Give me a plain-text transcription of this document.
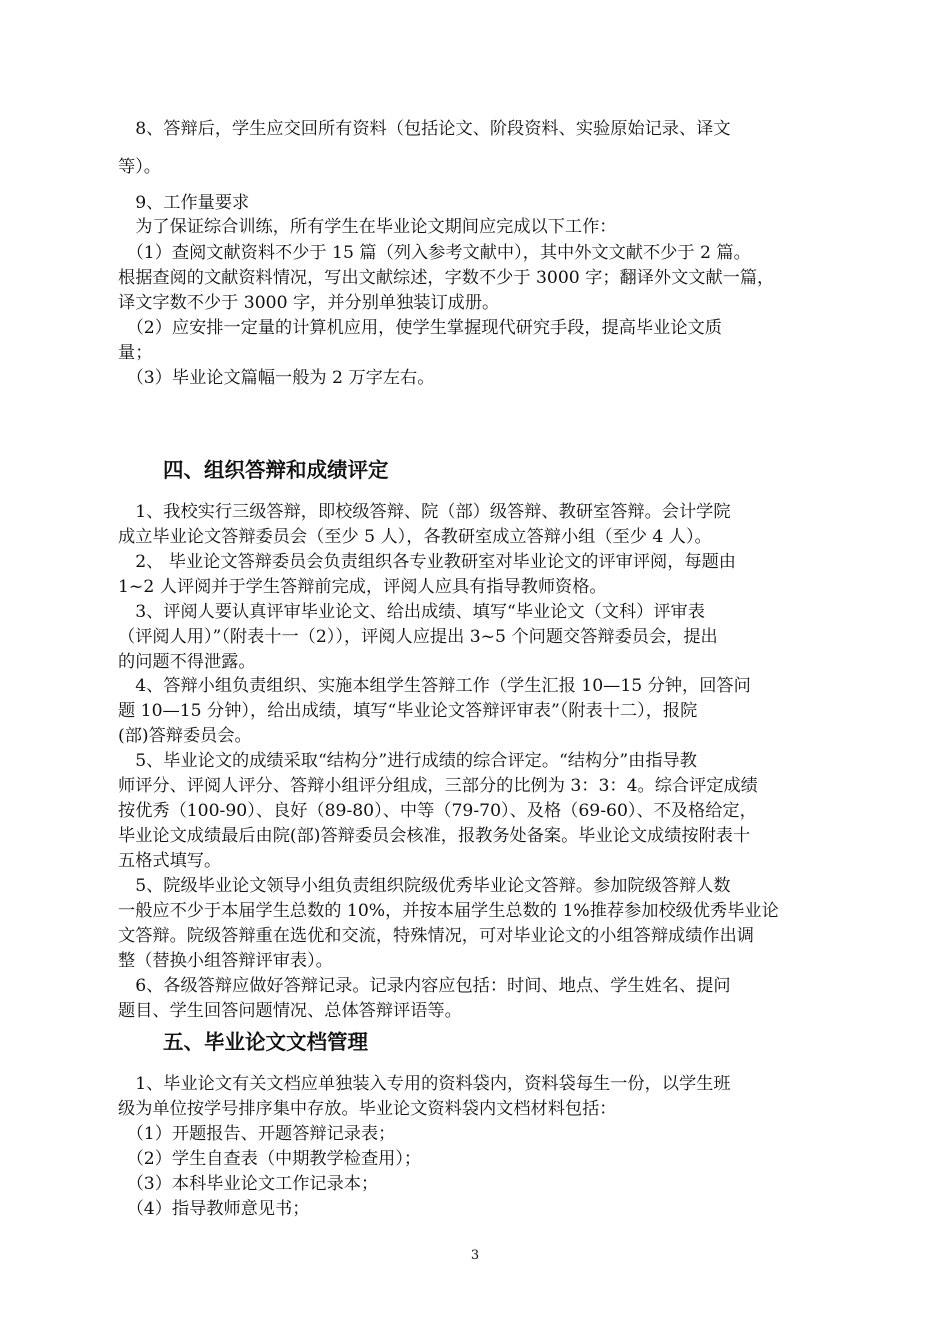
　8、答辩后，学生应交回所有资料（包括论文、阶段资料、实验原始记录、译文
等）。
　9、工作量要求
　为了保证综合训练，所有学生在毕业论文期间应完成以下工作：
　（1）查阅文献资料不少于 15 篇（列入参考文献中），其中外文文献不少于 2 篇。
根据查阅的文献资料情况，写出文献综述，字数不少于 3000 字；翻译外文文献一篇，
译文字数不少于 3000 字，并分别单独装订成册。
　（2）应安排一定量的计算机应用，使学生掌握现代研究手段，提高毕业论文质
量；
　（3）毕业论文篇幅一般为 2 万字左右。
四、组织答辩和成绩评定
　1、我校实行三级答辩，即校级答辩、院（部）级答辩、教研室答辩。会计学院
成立毕业论文答辩委员会（至少 5 人），各教研室成立答辩小组（至少 4 人）。
　2、 毕业论文答辩委员会负责组织各专业教研室对毕业论文的评审评阅，每题由
1~2 人评阅并于学生答辩前完成，评阅人应具有指导教师资格。
　3、评阅人要认真评审毕业论文、给出成绩、填写“毕业论文（文科）评审表
（评阅人用）”（附表十一（2）），评阅人应提出 3~5 个问题交答辩委员会，提出
的问题不得泄露。
　4、答辩小组负责组织、实施本组学生答辩工作（学生汇报 10—15 分钟，回答问
题 10—15 分钟），给出成绩，填写“毕业论文答辩评审表”（附表十二），报院
(部)答辩委员会。
　5、毕业论文的成绩采取“结构分”进行成绩的综合评定。“结构分”由指导教
师评分、评阅人评分、答辩小组评分组成，三部分的比例为 3：3：4。综合评定成绩
按优秀（100-90）、良好（89-80）、中等（79-70）、及格（69-60）、不及格给定，
毕业论文成绩最后由院(部)答辩委员会核准，报教务处备案。毕业论文成绩按附表十
五格式填写。
　5、院级毕业论文领导小组负责组织院级优秀毕业论文答辩。参加院级答辩人数
一般应不少于本届学生总数的 10%，并按本届学生总数的 1%推荐参加校级优秀毕业论
文答辩。院级答辩重在选优和交流，特殊情况，可对毕业论文的小组答辩成绩作出调
整（替换小组答辩评审表）。
　6、各级答辩应做好答辩记录。记录内容应包括：时间、地点、学生姓名、提问
题目、学生回答问题情况、总体答辩评语等。
五、毕业论文文档管理
　1、毕业论文有关文档应单独装入专用的资料袋内，资料袋每生一份，以学生班
级为单位按学号排序集中存放。毕业论文资料袋内文档材料包括：
　（1）开题报告、开题答辩记录表；
　（2）学生自查表（中期教学检查用）；
　（3）本科毕业论文工作记录本；
　（4）指导教师意见书；
3
